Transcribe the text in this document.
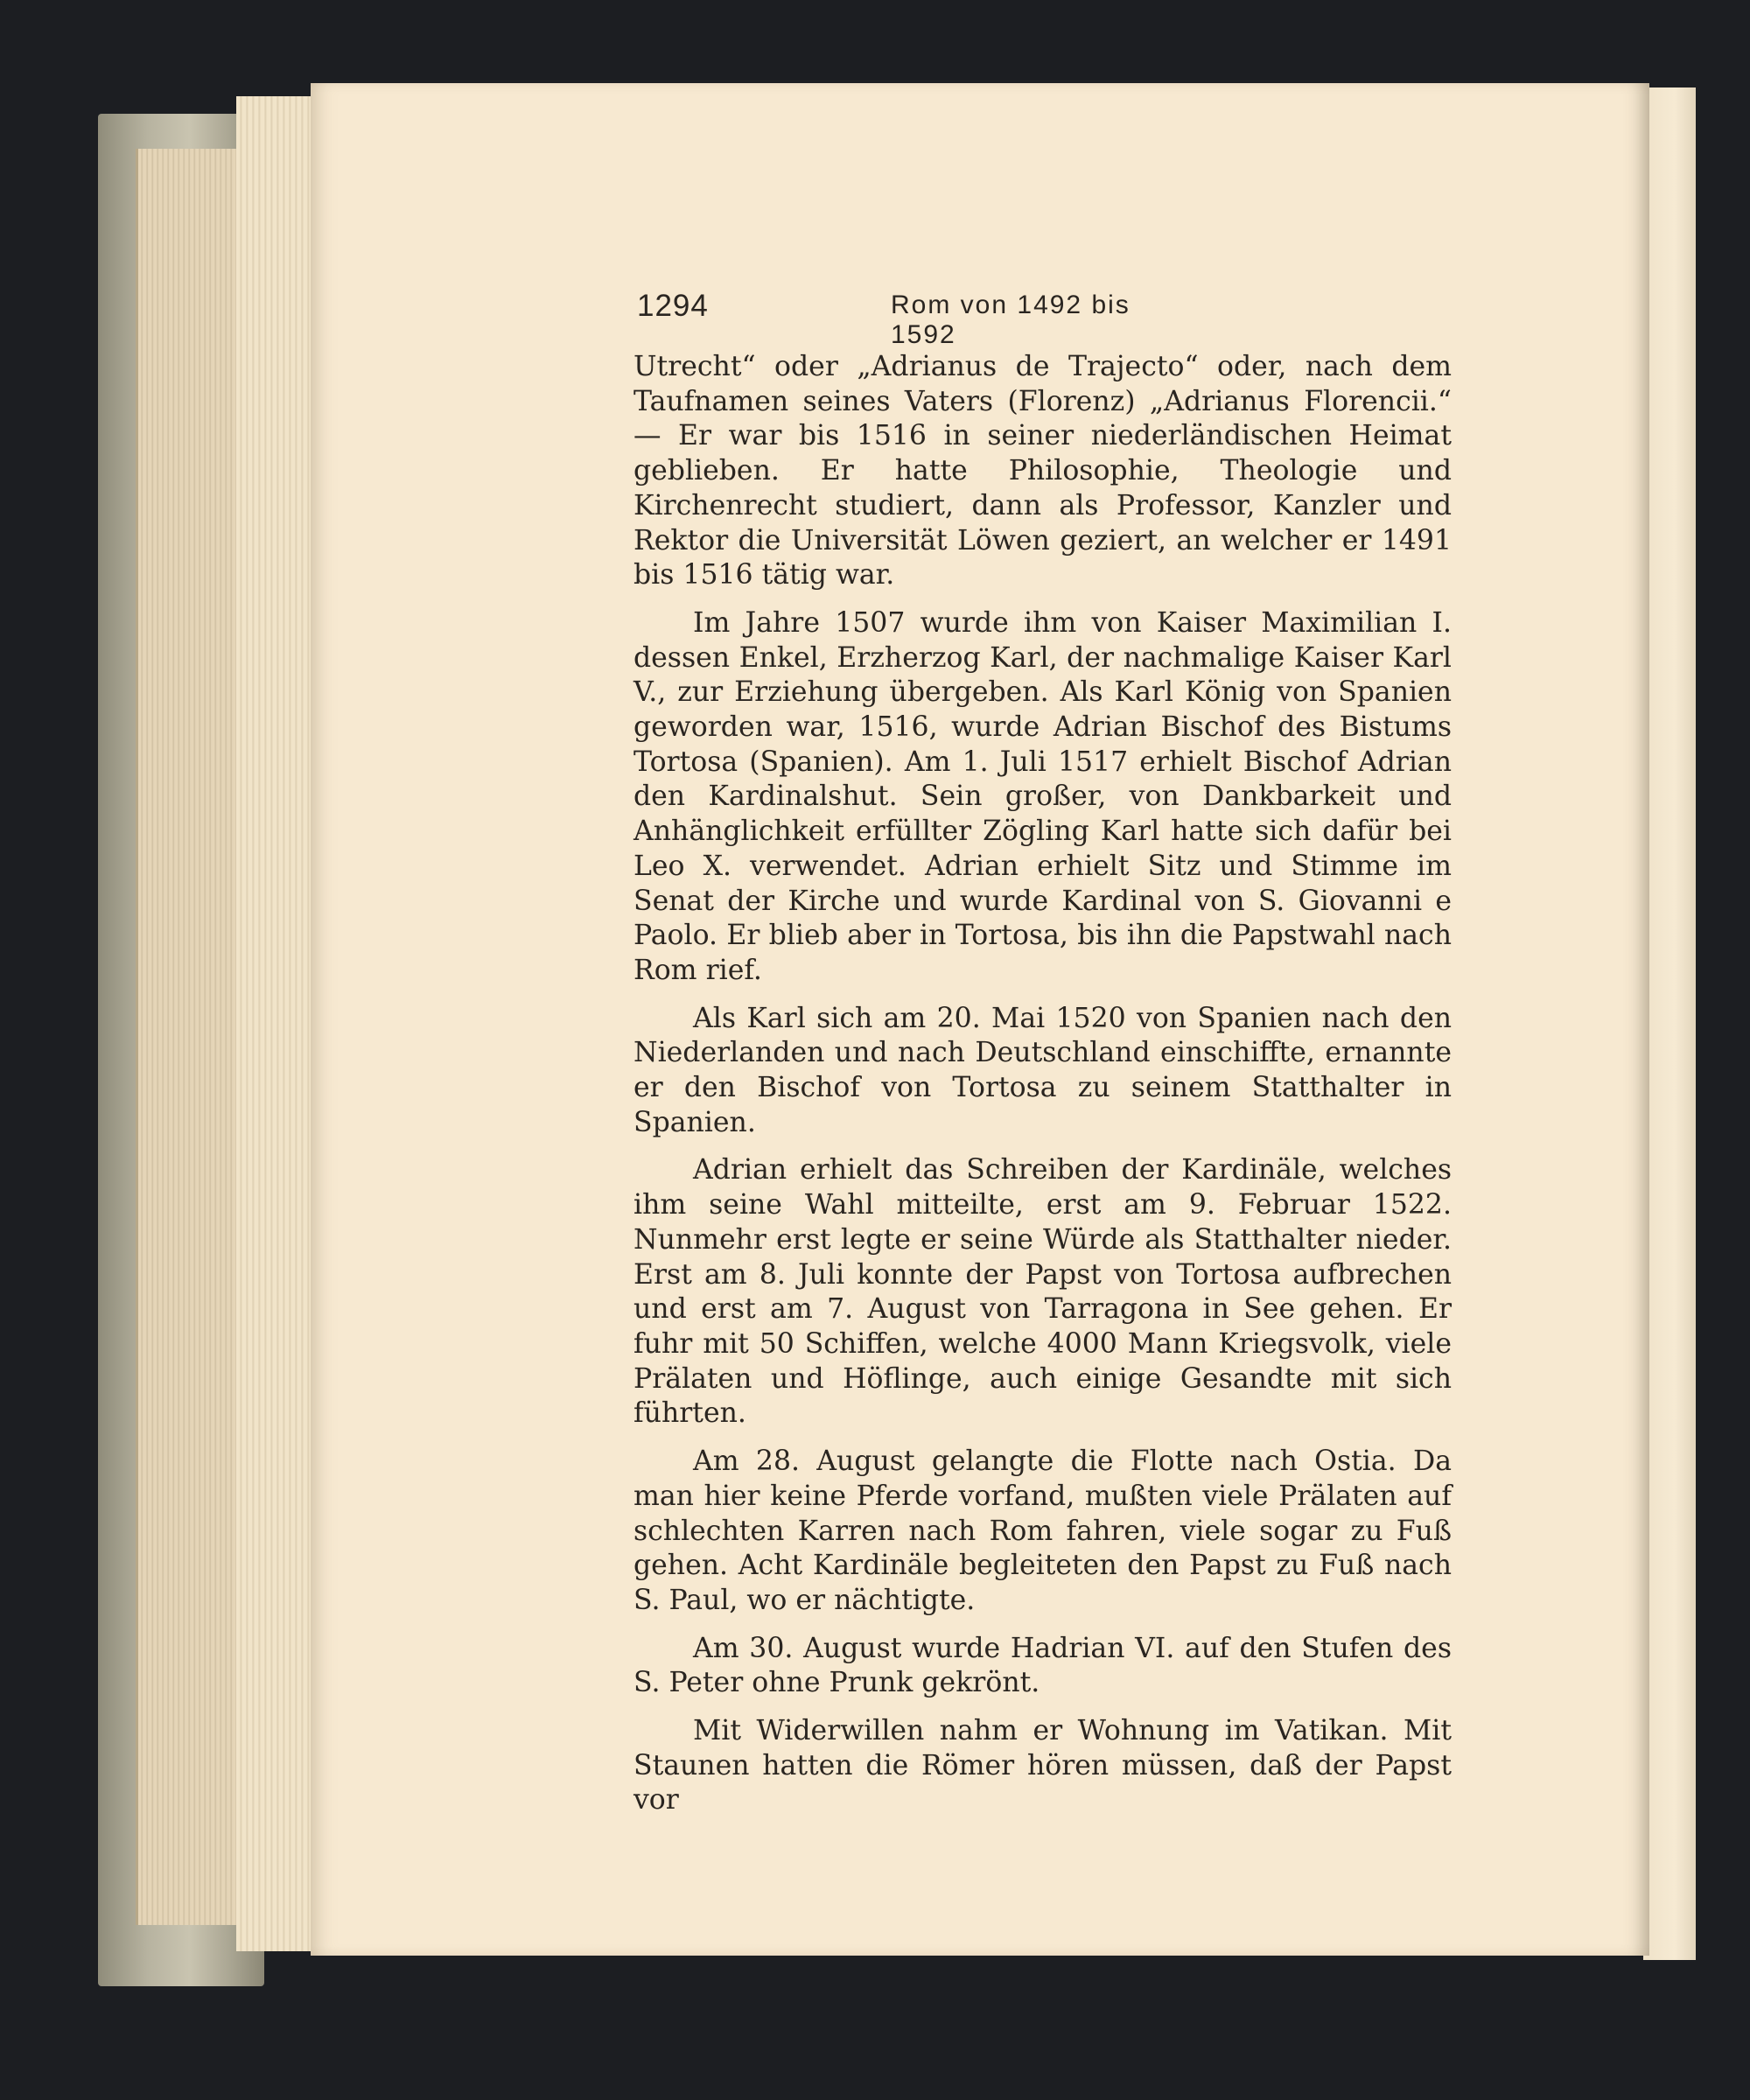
1294	Rom von 1492 bis 1592

Utrecht“ oder „Adrianus de Trajecto“ oder, nach dem Taufnamen seines Vaters (Florenz) „Adrianus Florencii.“ — Er war bis 1516 in seiner niederländischen Heimat geblieben. Er hatte Philosophie, Theologie und Kirchenrecht studiert, dann als Professor, Kanzler und Rektor die Universität Löwen geziert, an welcher er 1491 bis 1516 tätig war.

Im Jahre 1507 wurde ihm von Kaiser Maximilian I. dessen Enkel, Erzherzog Karl, der nachmalige Kaiser Karl V., zur Erziehung übergeben. Als Karl König von Spanien geworden war, 1516, wurde Adrian Bischof des Bistums Tortosa (Spanien). Am 1. Juli 1517 erhielt Bischof Adrian den Kardinalshut. Sein großer, von Dankbarkeit und Anhänglichkeit erfüllter Zögling Karl hatte sich dafür bei Leo X. verwendet. Adrian erhielt Sitz und Stimme im Senat der Kirche und wurde Kardinal von S. Giovanni e Paolo. Er blieb aber in Tortosa, bis ihn die Papstwahl nach Rom rief.

Als Karl sich am 20. Mai 1520 von Spanien nach den Niederlanden und nach Deutschland einschiffte, ernannte er den Bischof von Tortosa zu seinem Statthalter in Spanien.

Adrian erhielt das Schreiben der Kardinäle, welches ihm seine Wahl mitteilte, erst am 9. Februar 1522. Nunmehr erst legte er seine Würde als Statthalter nieder. Erst am 8. Juli konnte der Papst von Tortosa aufbrechen und erst am 7. August von Tarragona in See gehen. Er fuhr mit 50 Schiffen, welche 4000 Mann Kriegsvolk, viele Prälaten und Höflinge, auch einige Gesandte mit sich führten.

Am 28. August gelangte die Flotte nach Ostia. Da man hier keine Pferde vorfand, mußten viele Prälaten auf schlechten Karren nach Rom fahren, viele sogar zu Fuß gehen. Acht Kardinäle begleiteten den Papst zu Fuß nach S. Paul, wo er nächtigte.

Am 30. August wurde Hadrian VI. auf den Stufen des S. Peter ohne Prunk gekrönt.

Mit Widerwillen nahm er Wohnung im Vatikan. Mit Staunen hatten die Römer hören müssen, daß der Papst vor
